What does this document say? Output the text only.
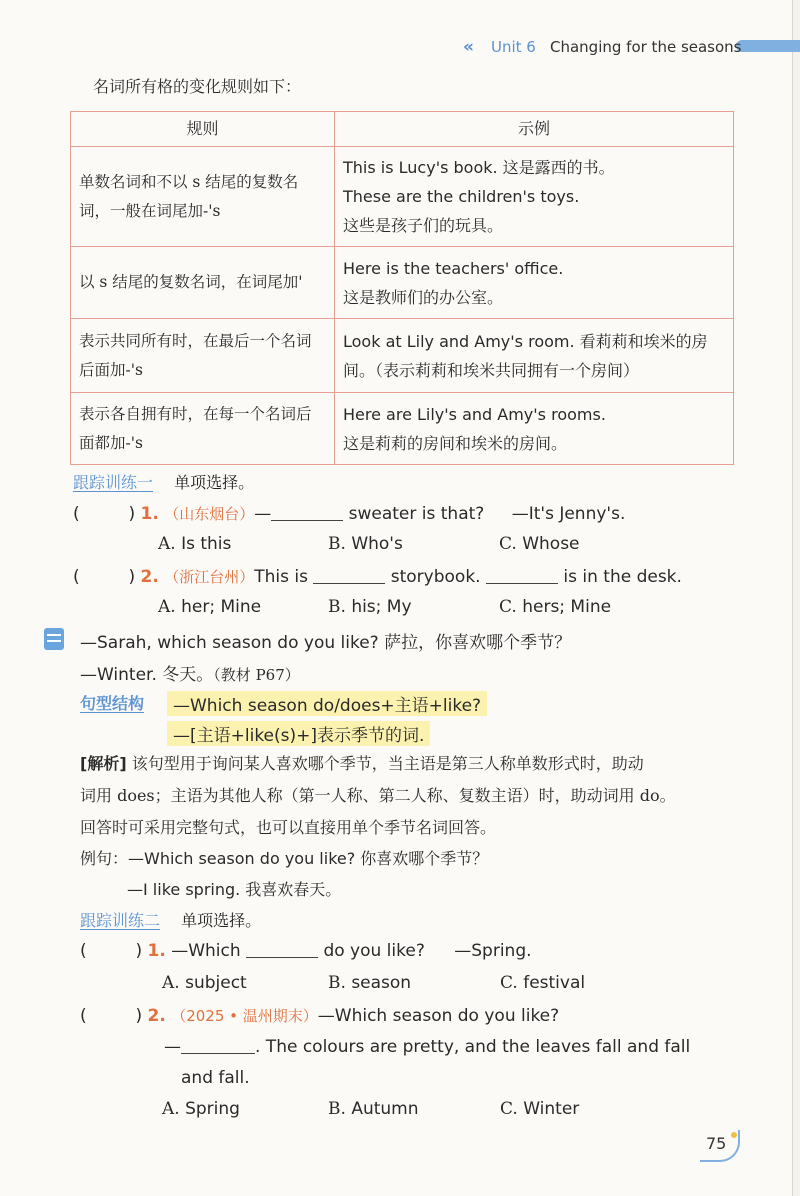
« Unit 6 Changing for the seasons
名词所有格的变化规则如下：
规则	示例
单数名词和不以 s 结尾的复数名词，一般在词尾加-'s	This is Lucy's book. 这是露西的书。
These are the children's toys.
这些是孩子们的玩具。

以 s 结尾的复数名词，在词尾加'	Here is the teachers' office.
这是教师们的办公室。

表示共同所有时，在最后一个名词后面加-'s	Look at Lily and Amy's room. 看莉莉和埃米的房
间。（表示莉莉和埃米共同拥有一个房间）

表示各自拥有时，在每一个名词后面都加-'s	Here are Lily's and Amy's rooms.
这是莉莉的房间和埃米的房间。
跟踪训练一 单项选择。
(	) 1. （山东烟台）—	sweater is that? —It's Jenny's.
A. Is this	B. Who's	C. Whose
(	) 2. （浙江台州）This is	storybook.	is in the desk.
A. her; Mine	B. his; My	C. hers; Mine
—Sarah, which season do you like? 萨拉，你喜欢哪个季节？
—Winter. 冬天。（教材 P67）
句型结构	—Which season do/does+主语+like?
—[主语+like(s)+]表示季节的词.
[解析] 该句型用于询问某人喜欢哪个季节，当主语是第三人称单数形式时，助动
词用 does；主语为其他人称（第一人称、第二人称、复数主语）时，助动词用 do。
回答时可采用完整句式，也可以直接用单个季节名词回答。
例句：—Which season do you like? 你喜欢哪个季节？
—I like spring. 我喜欢春天。
跟踪训练二 单项选择。
(	) 1. —Which	do you like? —Spring.
A. subject	B. season	C. festival
(	) 2. （2025 • 温州期末）—Which season do you like?
—	. The colours are pretty, and the leaves fall and fall
and fall.
A. Spring	B. Autumn	C. Winter
75
